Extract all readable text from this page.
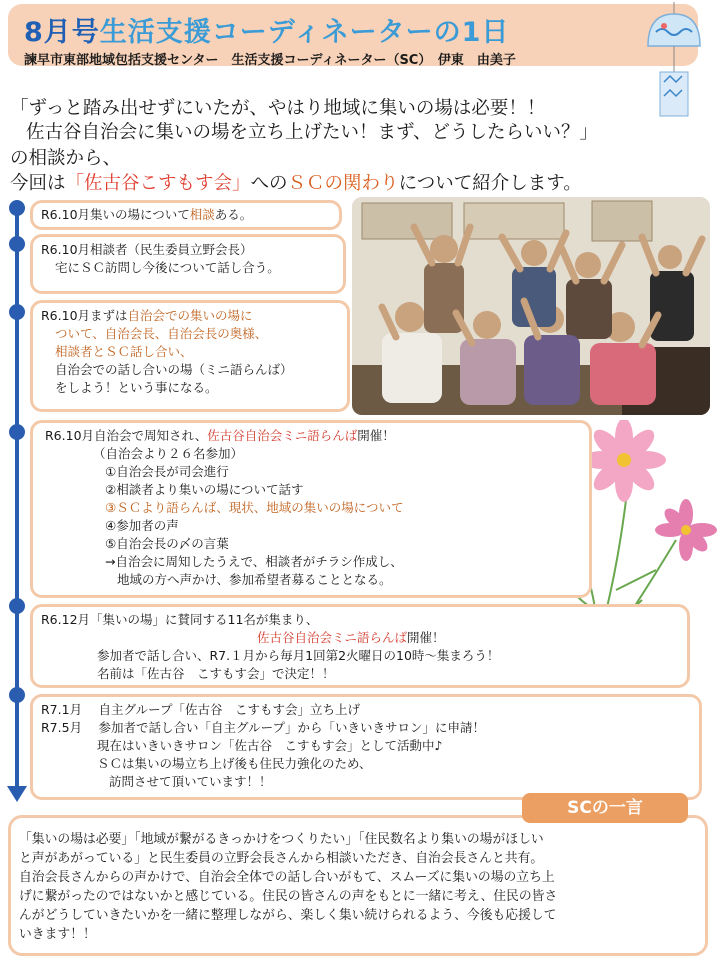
8月号生活支援コーディネーターの1日
諫早市東部地域包括支援センター　生活支援コーディネーター（SC）　伊東　由美子
「ずっと踏み出せずにいたが、やはり地域に集いの場は必要！！
佐古谷自治会に集いの場を立ち上げたい！まず、どうしたらいい？」
の相談から、
今回は「佐古谷こすもす会」へのＳＣの関わりについて紹介します。
R6.10月集いの場について相談ある。
R6.10月相談者（民生委員立野会長）
宅にＳＣ訪問し今後について話し合う。
R6.10月まずは自治会での集いの場に
ついて、自治会長、自治会長の奥様、
相談者とＳＣ話し合い、
自治会での話し合いの場（ミニ語らんば）
をしよう！という事になる。
R6.10月自治会で周知され、佐古谷自治会ミニ語らんば開催！
（自治会より２６名参加）
①自治会長が司会進行
②相談者より集いの場について話す
③ＳＣより語らんば、現状、地域の集いの場について
④参加者の声
⑤自治会長の〆の言葉
→自治会に周知したうえで、相談者がチラシ作成し、
地域の方へ声かけ、参加希望者募ることとなる。
R6.12月「集いの場」に賛同する11名が集まり、
佐古谷自治会ミニ語らんば開催！
参加者で話し合い、R7.１月から毎月1回第2火曜日の10時〜集まろう！
名前は「佐古谷　こすもす会」で決定！！
R7.1月　 自主グループ「佐古谷　こすもす会」立ち上げ
R7.5月　 参加者で話し合い「自主グループ」から「いきいきサロン」に申請！
現在はいきいきサロン「佐古谷　こすもす会」として活動中♪
ＳＣは集いの場立ち上げ後も住民力強化のため、
訪問させて頂いています！！
「集いの場は必要」「地域が繋がるきっかけをつくりたい」「住民数名より集いの場がほしい
と声があがっている」と民生委員の立野会長さんから相談いただき、自治会長さんと共有。
自治会長さんからの声かけで、自治会全体での話し合いがもて、スムーズに集いの場の立ち上
げに繋がったのではないかと感じている。住民の皆さんの声をもとに一緒に考え、住民の皆さ
んがどうしていきたいかを一緒に整理しながら、楽しく集い続けられるよう、今後も応援して
いきます！！
SCの一言
